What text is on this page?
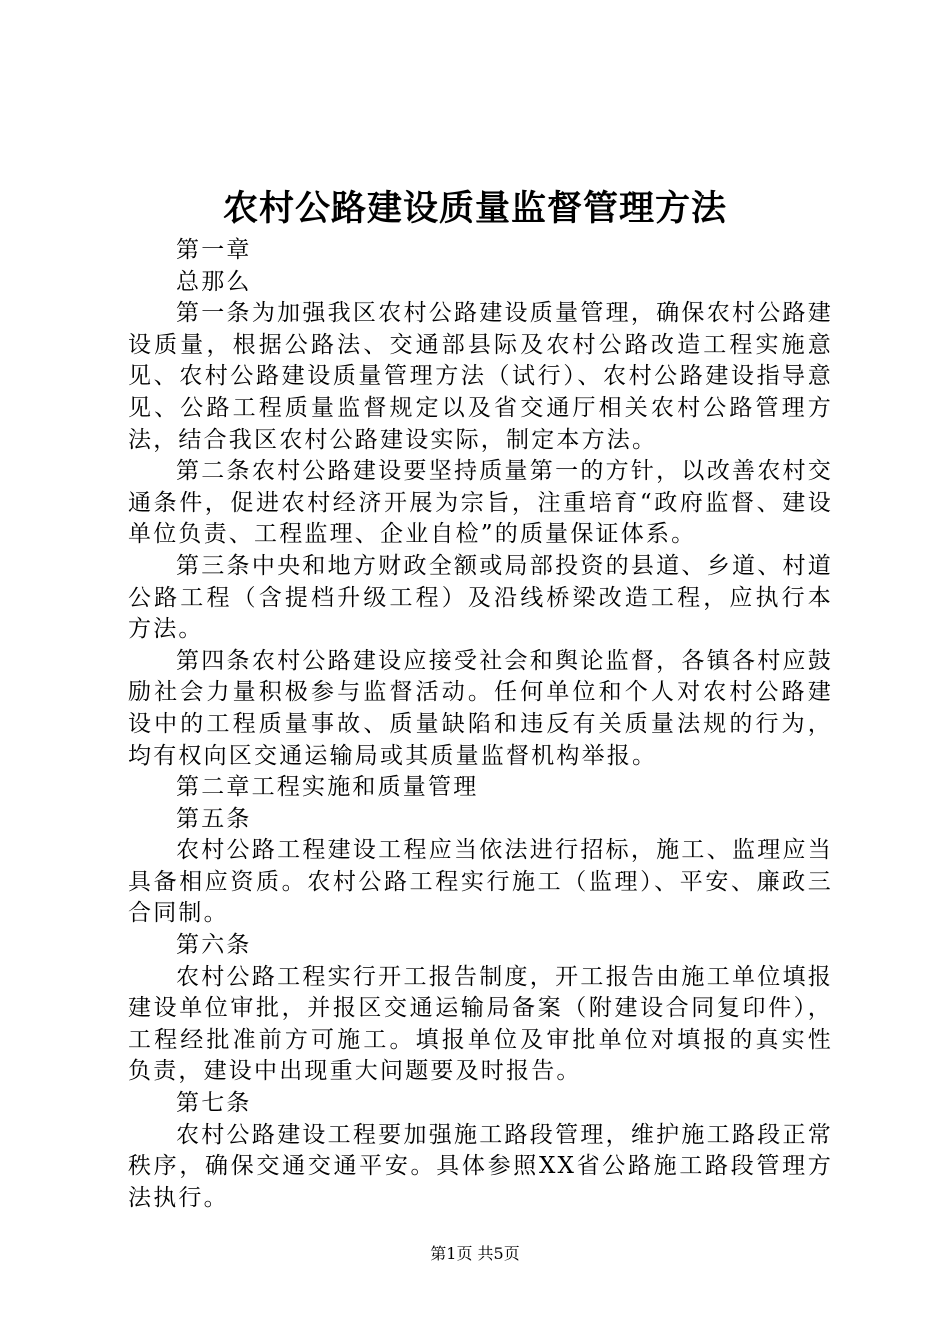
农村公路建设质量监督管理方法

第一章

总那么

第一条为加强我区农村公路建设质量管理，确保农村公路建设质量，根据公路法、交通部县际及农村公路改造工程实施意见、农村公路建设质量管理方法（试行）、农村公路建设指导意见、公路工程质量监督规定以及省交通厅相关农村公路管理方法，结合我区农村公路建设实际，制定本方法。

第二条农村公路建设要坚持质量第一的方针，以改善农村交通条件，促进农村经济开展为宗旨，注重培育“政府监督、建设单位负责、工程监理、企业自检”的质量保证体系。

第三条中央和地方财政全额或局部投资的县道、乡道、村道公路工程（含提档升级工程）及沿线桥梁改造工程，应执行本方法。

第四条农村公路建设应接受社会和舆论监督，各镇各村应鼓励社会力量积极参与监督活动。任何单位和个人对农村公路建设中的工程质量事故、质量缺陷和违反有关质量法规的行为，均有权向区交通运输局或其质量监督机构举报。

第二章工程实施和质量管理

第五条

农村公路工程建设工程应当依法进行招标，施工、监理应当具备相应资质。农村公路工程实行施工（监理）、平安、廉政三合同制。

第六条

农村公路工程实行开工报告制度，开工报告由施工单位填报建设单位审批，并报区交通运输局备案（附建设合同复印件），工程经批准前方可施工。填报单位及审批单位对填报的真实性负责，建设中出现重大问题要及时报告。

第七条

农村公路建设工程要加强施工路段管理，维护施工路段正常秩序，确保交通交通平安。具体参照XX省公路施工路段管理方法执行。

第1页 共5页
